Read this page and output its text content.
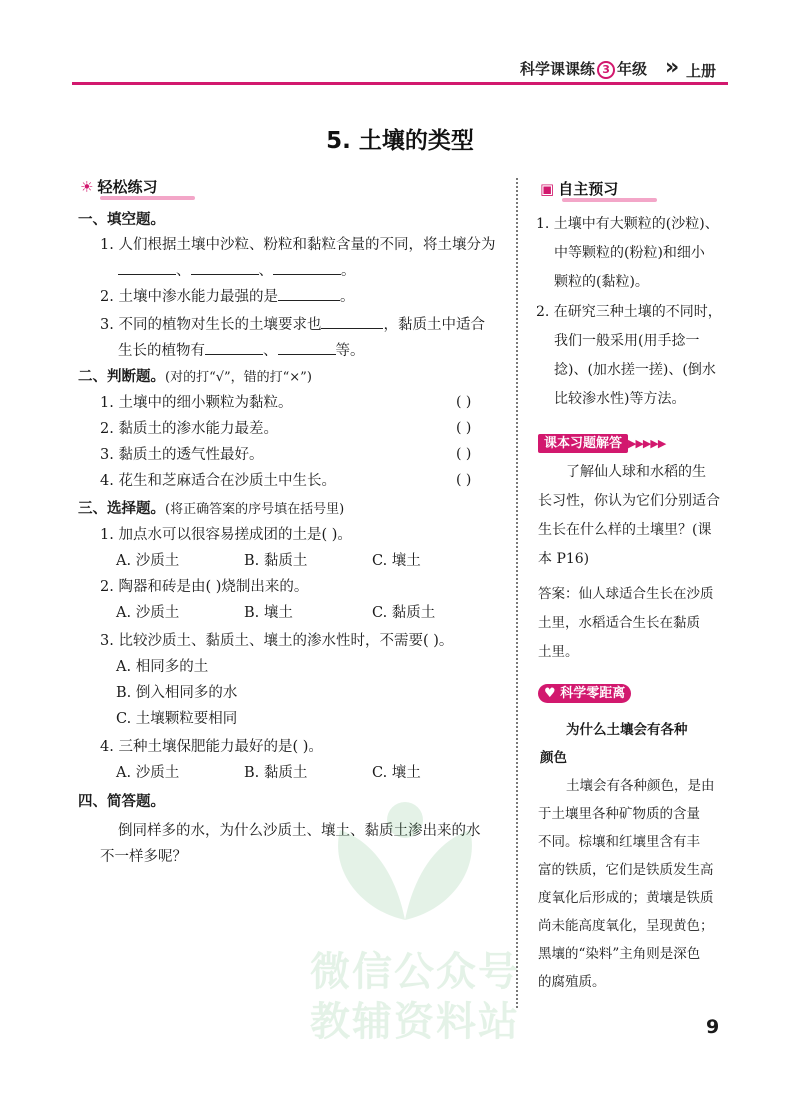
科学课课练 3 年级 » 上册
5. 土壤的类型
☀ 轻松练习
一、填空题。
1. 人们根据土壤中沙粒、粉粒和黏粒含量的不同，将土壤分为
、	、	。
2. 土壤中渗水能力最强的是	。
3. 不同的植物对生长的土壤要求也	，黏质土中适合
生长的植物有	、	等。
二、判断题。(对的打“√”，错的打“×”)
1. 土壤中的细小颗粒为黏粒。	( )
2. 黏质土的渗水能力最差。	( )
3. 黏质土的透气性最好。	( )
4. 花生和芝麻适合在沙质土中生长。	( )
三、选择题。(将正确答案的序号填在括号里)
1. 加点水可以很容易搓成团的土是( )。
A. 沙质土	B. 黏质土	C. 壤土
2. 陶器和砖是由( )烧制出来的。
A. 沙质土	B. 壤土	C. 黏质土
3. 比较沙质土、黏质土、壤土的渗水性时，不需要( )。
A. 相同多的土
B. 倒入相同多的水
C. 土壤颗粒要相同
4. 三种土壤保肥能力最好的是( )。
A. 沙质土	B. 黏质土	C. 壤土
四、简答题。
倒同样多的水，为什么沙质土、壤土、黏质土渗出来的水
不一样多呢？
微信公众号
教辅资料站
▣ 自主预习
1. 土壤中有大颗粒的(沙粒)、
中等颗粒的(粉粒)和细小
颗粒的(黏粒)。
2. 在研究三种土壤的不同时，
我们一般采用(用手捻一
捻)、(加水搓一搓)、(倒水
比较渗水性)等方法。
课本习题解答 ▶▶▶▶▶
了解仙人球和水稻的生
长习性，你认为它们分别适合
生长在什么样的土壤里？(课
本 P16)
答案：仙人球适合生长在沙质
土里，水稻适合生长在黏质
土里。
♥ 科学零距离
为什么土壤会有各种
颜色
土壤会有各种颜色，是由
于土壤里各种矿物质的含量
不同。棕壤和红壤里含有丰
富的铁质，它们是铁质发生高
度氧化后形成的；黄壤是铁质
尚未能高度氧化，呈现黄色；
黑壤的“染料”主角则是深色
的腐殖质。
9
